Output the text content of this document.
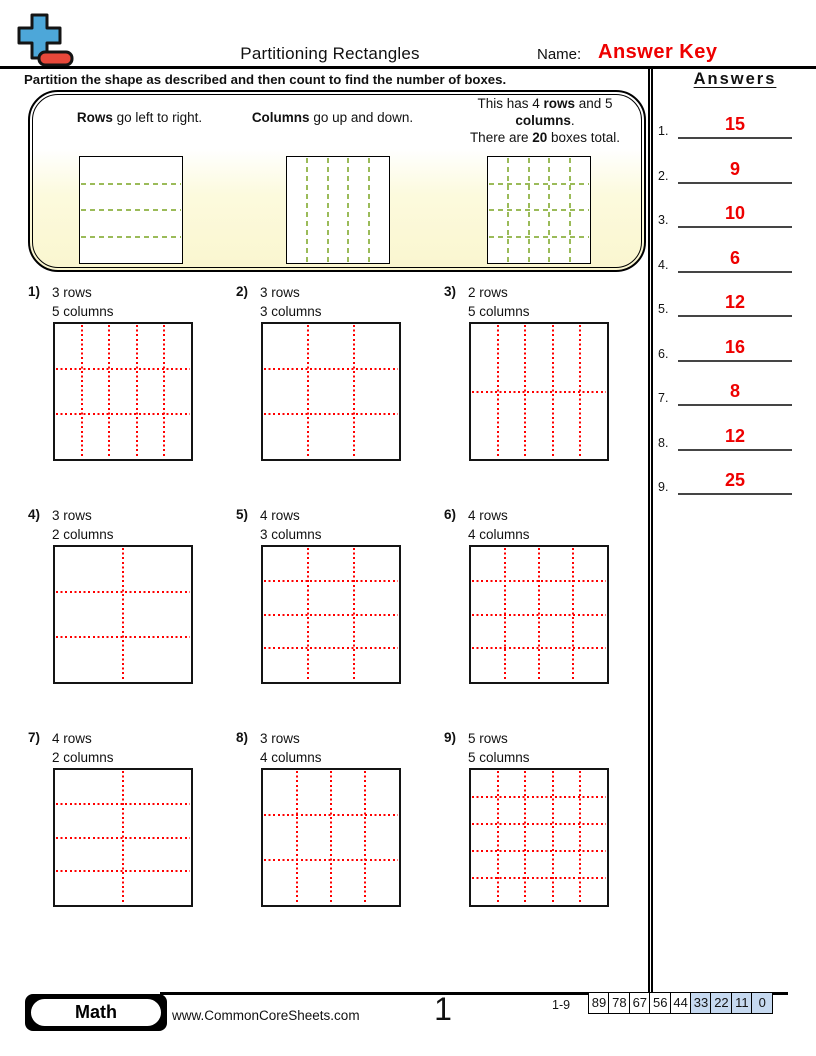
Partitioning Rectangles	Name: Answer Key
Partition the shape as described and then count to find the number of boxes.	Answers
1.	15
2.	9
3.	10
4.	6
5.	12
6.	16
7.	8
8.	12
9.	25
Rows go left to right.	Columns go up and down.
This has 4 rows and 5 columns.
There are 20 boxes total.
1) 3 rows
5 columns
2) 3 rows
3 columns
3) 2 rows
5 columns
4) 3 rows
2 columns
5) 4 rows
3 columns
6) 4 rows
4 columns
7) 4 rows
2 columns
8) 3 rows
4 columns
9) 5 rows
5 columns
Math	www.CommonCoreSheets.com	1	1-9 89 78 67 56 44 33 22 11 0
